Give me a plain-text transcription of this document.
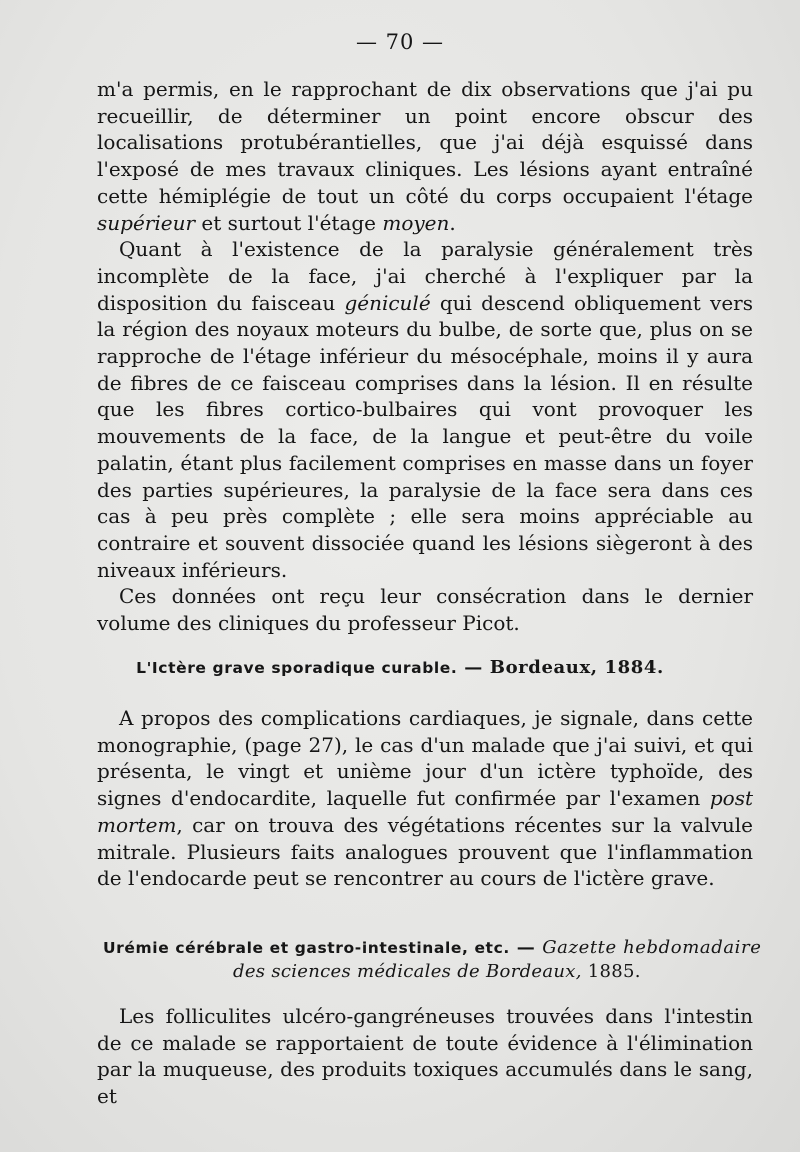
— 70 —

m'a permis, en le rapprochant de dix observations que j'ai pu recueillir, de déterminer un point encore obscur des localisations protubérantielles, que j'ai déjà esquissé dans l'exposé de mes travaux cliniques. Les lésions ayant entraîné cette hémiplégie de tout un côté du corps occupaient l'étage supérieur et surtout l'étage moyen.

Quant à l'existence de la paralysie généralement très incomplète de la face, j'ai cherché à l'expliquer par la disposition du faisceau géniculé qui descend obliquement vers la région des noyaux moteurs du bulbe, de sorte que, plus on se rapproche de l'étage inférieur du mésocéphale, moins il y aura de fibres de ce faisceau comprises dans la lésion. Il en résulte que les fibres cortico-bulbaires qui vont provoquer les mouvements de la face, de la langue et peut-être du voile palatin, étant plus facilement comprises en masse dans un foyer des parties supérieures, la paralysie de la face sera dans ces cas à peu près complète ; elle sera moins appréciable au contraire et souvent dissociée quand les lésions siègeront à des niveaux inférieurs.

Ces données ont reçu leur consécration dans le dernier volume des cliniques du professeur Picot.

L'Ictère grave sporadique curable. — Bordeaux, 1884.

A propos des complications cardiaques, je signale, dans cette monographie, (page 27), le cas d'un malade que j'ai suivi, et qui présenta, le vingt et unième jour d'un ictère typhoïde, des signes d'endocardite, laquelle fut confirmée par l'examen post mortem, car on trouva des végétations récentes sur la valvule mitrale. Plusieurs faits analogues prouvent que l'inflammation de l'endocarde peut se rencontrer au cours de l'ictère grave.

Urémie cérébrale et gastro-intestinale, etc. — Gazette hebdomadaire

des sciences médicales de Bordeaux, 1885.

Les folliculites ulcéro-gangréneuses trouvées dans l'intestin de ce malade se rapportaient de toute évidence à l'élimination par la muqueuse, des produits toxiques accumulés dans le sang, et
